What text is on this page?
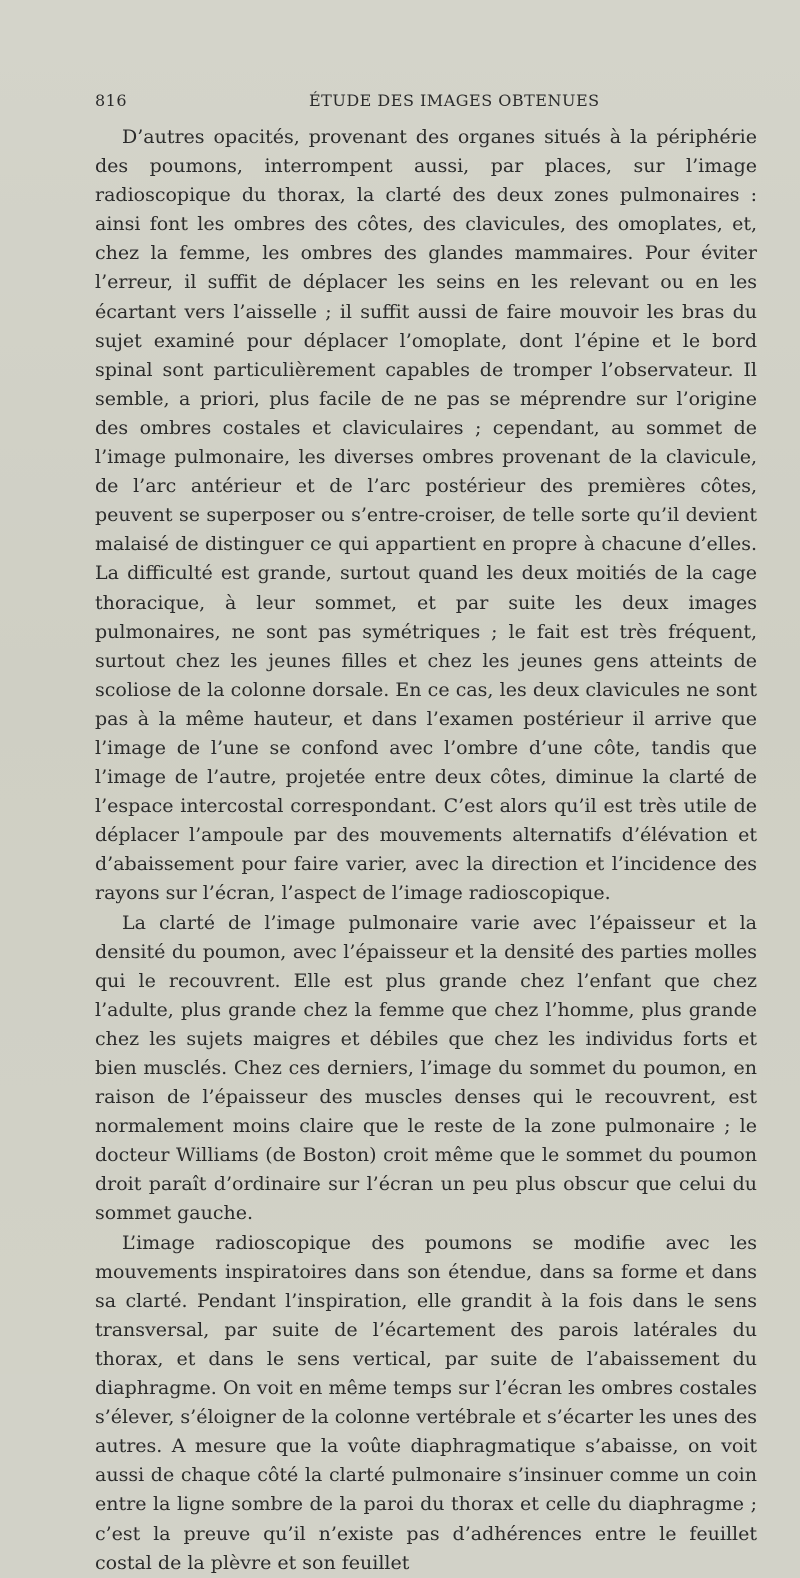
816	ÉTUDE DES IMAGES OBTENUES

D’autres opacités, provenant des organes situés à la périphérie des poumons, interrompent aussi, par places, sur l’image radioscopique du thorax, la clarté des deux zones pulmonaires : ainsi font les ombres des côtes, des clavicules, des omoplates, et, chez la femme, les ombres des glandes mammaires. Pour éviter l’erreur, il suffit de déplacer les seins en les relevant ou en les écartant vers l’aisselle ; il suffit aussi de faire mouvoir les bras du sujet examiné pour déplacer l’omoplate, dont l’épine et le bord spinal sont particulièrement capables de tromper l’observateur. Il semble, a priori, plus facile de ne pas se méprendre sur l’origine des ombres costales et claviculaires ; cependant, au sommet de l’image pulmonaire, les diverses ombres provenant de la clavicule, de l’arc antérieur et de l’arc postérieur des premières côtes, peuvent se superposer ou s’entre-croiser, de telle sorte qu’il devient malaisé de distinguer ce qui appartient en propre à chacune d’elles. La difficulté est grande, surtout quand les deux moitiés de la cage thoracique, à leur sommet, et par suite les deux images pulmonaires, ne sont pas symétriques ; le fait est très fréquent, surtout chez les jeunes filles et chez les jeunes gens atteints de scoliose de la colonne dorsale. En ce cas, les deux clavicules ne sont pas à la même hauteur, et dans l’examen postérieur il arrive que l’image de l’une se confond avec l’ombre d’une côte, tandis que l’image de l’autre, projetée entre deux côtes, diminue la clarté de l’espace intercostal correspondant. C’est alors qu’il est très utile de déplacer l’ampoule par des mouvements alternatifs d’élévation et d’abaissement pour faire varier, avec la direction et l’incidence des rayons sur l’écran, l’aspect de l’image radioscopique.

La clarté de l’image pulmonaire varie avec l’épaisseur et la densité du poumon, avec l’épaisseur et la densité des parties molles qui le recouvrent. Elle est plus grande chez l’enfant que chez l’adulte, plus grande chez la femme que chez l’homme, plus grande chez les sujets maigres et débiles que chez les individus forts et bien musclés. Chez ces derniers, l’image du sommet du poumon, en raison de l’épaisseur des muscles denses qui le recouvrent, est normalement moins claire que le reste de la zone pulmonaire ; le docteur Williams (de Boston) croit même que le sommet du poumon droit paraît d’ordinaire sur l’écran un peu plus obscur que celui du sommet gauche.

L’image radioscopique des poumons se modifie avec les mouvements inspiratoires dans son étendue, dans sa forme et dans sa clarté. Pendant l’inspiration, elle grandit à la fois dans le sens transversal, par suite de l’écartement des parois latérales du thorax, et dans le sens vertical, par suite de l’abaissement du diaphragme. On voit en même temps sur l’écran les ombres costales s’élever, s’éloigner de la colonne vertébrale et s’écarter les unes des autres. A mesure que la voûte diaphragmatique s’abaisse, on voit aussi de chaque côté la clarté pulmonaire s’insinuer comme un coin entre la ligne sombre de la paroi du thorax et celle du diaphragme ; c’est la preuve qu’il n’existe pas d’adhérences entre le feuillet costal de la plèvre et son feuillet
